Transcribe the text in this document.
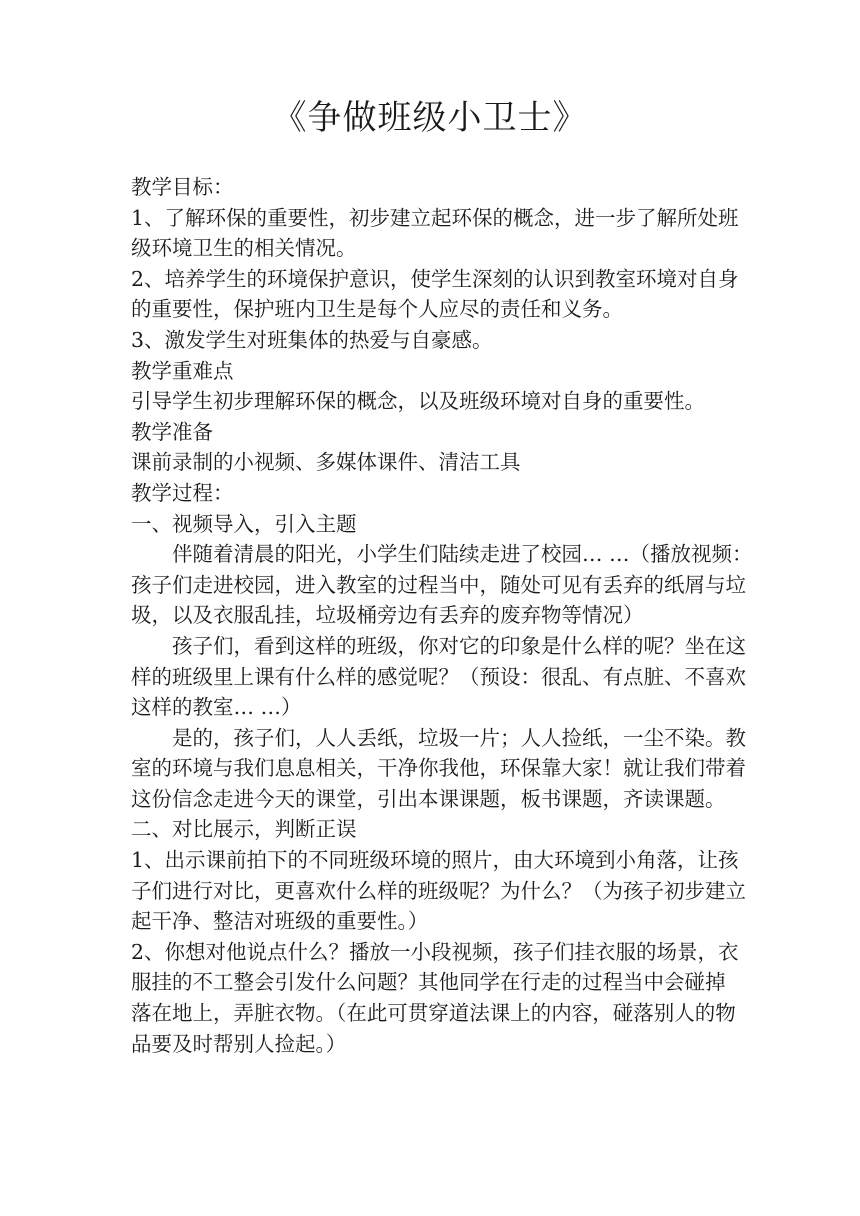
《争做班级小卫士》
教学目标：
1、了解环保的重要性，初步建立起环保的概念，进一步了解所处班
级环境卫生的相关情况。
2、培养学生的环境保护意识，使学生深刻的认识到教室环境对自身
的重要性，保护班内卫生是每个人应尽的责任和义务。
3、激发学生对班集体的热爱与自豪感。
教学重难点
引导学生初步理解环保的概念，以及班级环境对自身的重要性。
教学准备
课前录制的小视频、多媒体课件、清洁工具
教学过程：
一、视频导入，引入主题
伴随着清晨的阳光，小学生们陆续走进了校园… …（播放视频：
孩子们走进校园，进入教室的过程当中，随处可见有丢弃的纸屑与垃
圾，以及衣服乱挂，垃圾桶旁边有丢弃的废弃物等情况）
孩子们，看到这样的班级，你对它的印象是什么样的呢？坐在这
样的班级里上课有什么样的感觉呢？（预设：很乱、有点脏、不喜欢
这样的教室… …）
是的，孩子们，人人丢纸，垃圾一片；人人捡纸，一尘不染。教
室的环境与我们息息相关，干净你我他，环保靠大家！就让我们带着
这份信念走进今天的课堂，引出本课课题，板书课题，齐读课题。
二、对比展示，判断正误
1、出示课前拍下的不同班级环境的照片，由大环境到小角落，让孩
子们进行对比，更喜欢什么样的班级呢？为什么？（为孩子初步建立
起干净、整洁对班级的重要性。）
2、你想对他说点什么？播放一小段视频，孩子们挂衣服的场景，衣
服挂的不工整会引发什么问题？其他同学在行走的过程当中会碰掉
落在地上，弄脏衣物。（在此可贯穿道法课上的内容，碰落别人的物
品要及时帮别人捡起。）
